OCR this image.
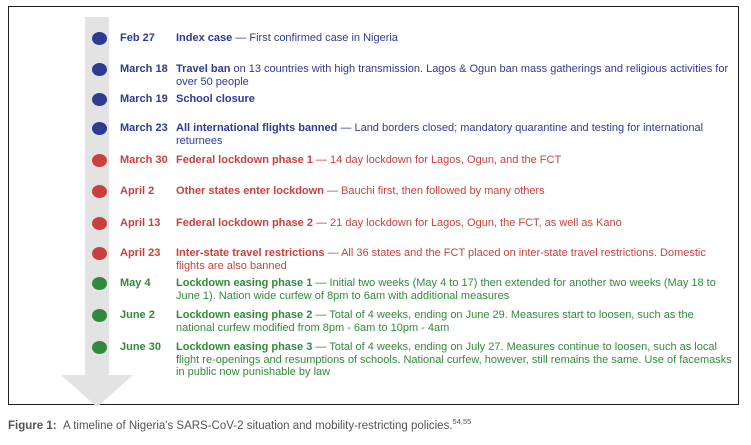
Feb 27 Index case — First confirmed case in Nigeria
March 18 Travel ban on 13 countries with high transmission. Lagos & Ogun ban mass gatherings and religious activities for over 50 people
March 19 School closure
March 23 All international flights banned — Land borders closed; mandatory quarantine and testing for international returnees
March 30 Federal lockdown phase 1 — 14 day lockdown for Lagos, Ogun, and the FCT
April 2 Other states enter lockdown — Bauchi first, then followed by many others
April 13 Federal lockdown phase 2 — 21 day lockdown for Lagos, Ogun, the FCT, as well as Kano
April 23 Inter-state travel restrictions — All 36 states and the FCT placed on inter-state travel restrictions. Domestic flights are also banned
May 4 Lockdown easing phase 1 — Initial two weeks (May 4 to 17) then extended for another two weeks (May 18 to June 1). Nation wide curfew of 8pm to 6am with additional measures
June 2 Lockdown easing phase 2 — Total of 4 weeks, ending on June 29. Measures start to loosen, such as the national curfew modified from 8pm - 6am to 10pm - 4am
June 30 Lockdown easing phase 3 — Total of 4 weeks, ending on July 27. Measures continue to loosen, such as local flight re-openings and resumptions of schools. National curfew, however, still remains the same. Use of facemasks in public now punishable by law
Figure 1: A timeline of Nigeria's SARS-CoV-2 situation and mobility-restricting policies.$^{54,55}$
